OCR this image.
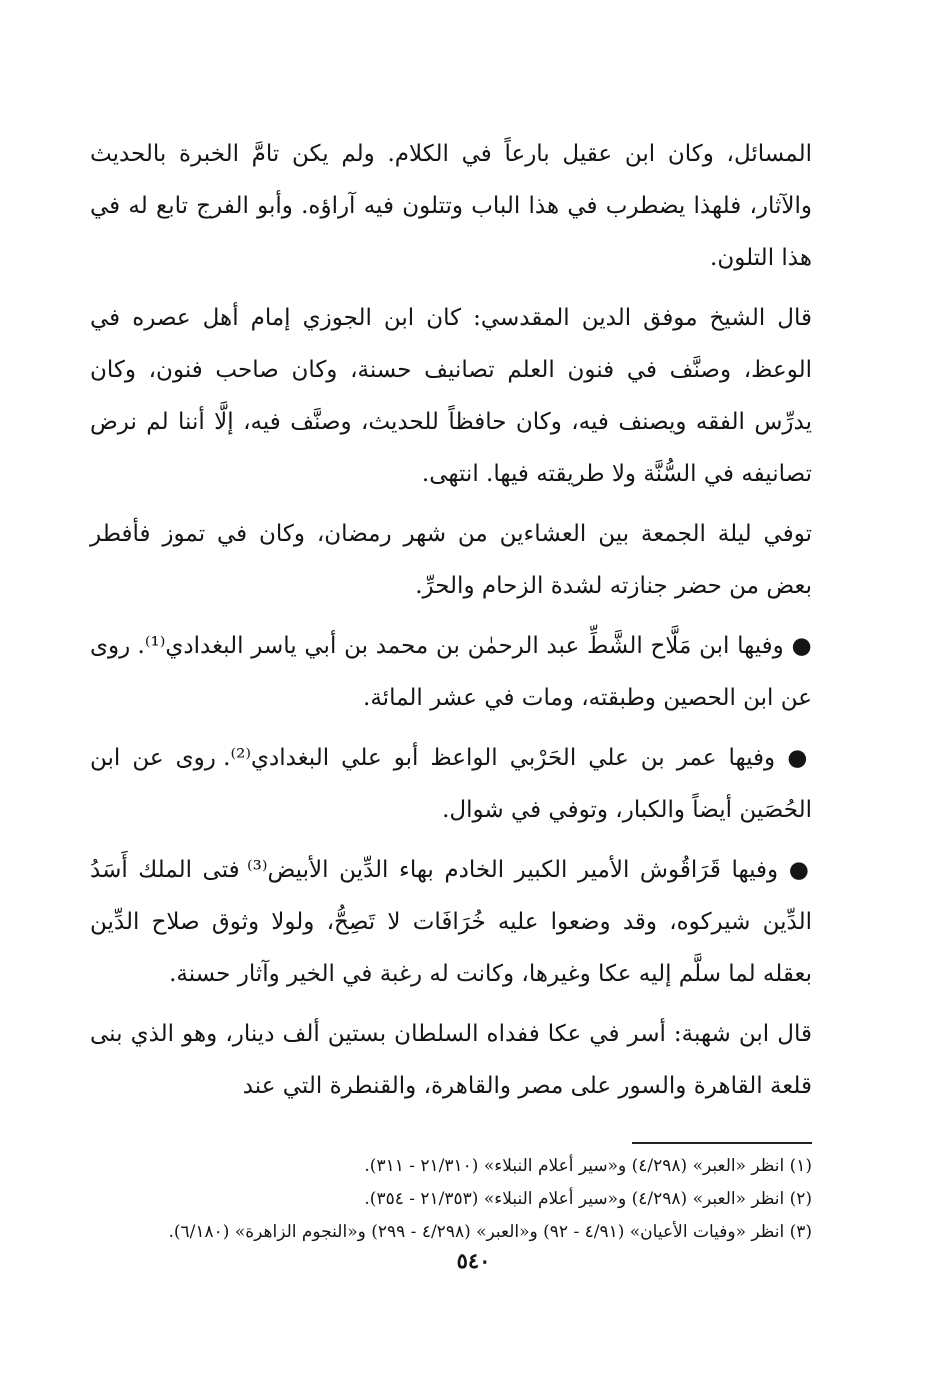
المسائل، وكان ابن عقيل بارعاً في الكلام. ولم يكن تامَّ الخبرة بالحديث والآثار، فلهذا يضطرب في هذا الباب وتتلون فيه آراؤه. وأبو الفرج تابع له في هذا التلون.

قال الشيخ موفق الدين المقدسي: كان ابن الجوزي إمام أهل عصره في الوعظ، وصنَّف في فنون العلم تصانيف حسنة، وكان صاحب فنون، وكان يدرِّس الفقه ويصنف فيه، وكان حافظاً للحديث، وصنَّف فيه، إلَّا أننا لم نرض تصانيفه في السُّنَّة ولا طريقته فيها. انتهى.

توفي ليلة الجمعة بين العشاءين من شهر رمضان، وكان في تموز فأفطر بعض من حضر جنازته لشدة الزحام والحرِّ.

● وفيها ابن مَلَّاح الشَّطِّ عبد الرحمٰن بن محمد بن أبي ياسر البغدادي⁽¹⁾. روى عن ابن الحصين وطبقته، ومات في عشر المائة.

● وفيها عمر بن علي الحَرْبي الواعظ أبو علي البغدادي⁽²⁾. روى عن ابن الحُصَين أيضاً والكبار، وتوفي في شوال.

● وفيها قَرَاقُوش الأمير الكبير الخادم بهاء الدِّين الأبيض⁽³⁾ فتى الملك أَسَدُ الدِّين شيركوه، وقد وضعوا عليه خُرَافَات لا تَصِحُّ، ولولا وثوق صلاح الدِّين بعقله لما سلَّم إليه عكا وغيرها، وكانت له رغبة في الخير وآثار حسنة.

قال ابن شهبة: أسر في عكا ففداه السلطان بستين ألف دينار، وهو الذي بنى قلعة القاهرة والسور على مصر والقاهرة، والقنطرة التي عند

(١) انظر «العبر» (٤/٢٩٨) و«سير أعلام النبلاء» (٢١/٣١٠ - ٣١١).

(٢) انظر «العبر» (٤/٢٩٨) و«سير أعلام النبلاء» (٢١/٣٥٣ - ٣٥٤).

(٣) انظر «وفيات الأعيان» (٤/٩١ - ٩٢) و«العبر» (٤/٢٩٨ - ٢٩٩) و«النجوم الزاهرة» (٦/١٨٠).

٥٤٠
